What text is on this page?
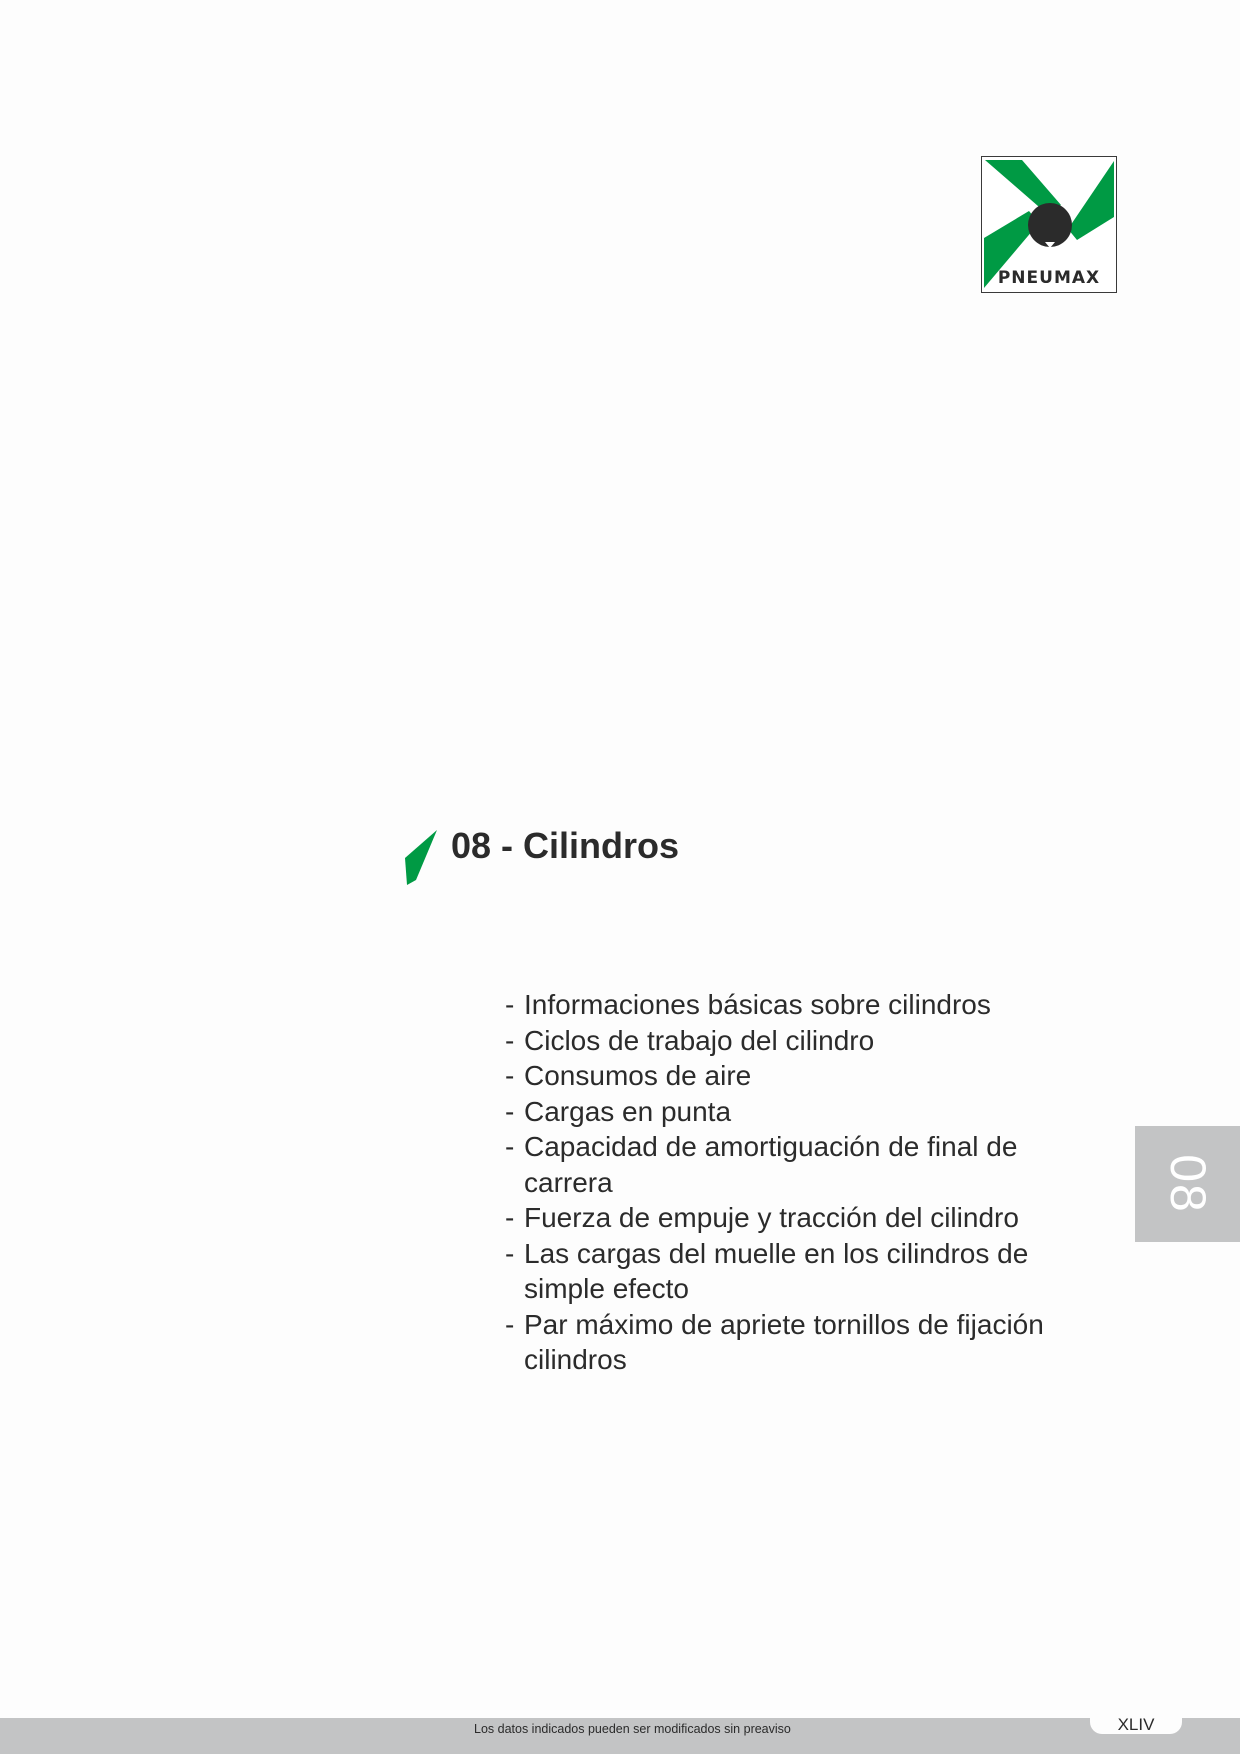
PNEUMAX
08 - Cilindros
- Informaciones básicas sobre cilindros
- Ciclos de trabajo del cilindro
- Consumos de aire
- Cargas en punta
- Capacidad de amortiguación de final de carrera
- Fuerza de empuje y tracción del cilindro
- Las cargas del muelle en los cilindros de simple efecto
- Par máximo de apriete tornillos de fijación cilindros
08
Los datos indicados pueden ser modificados sin preaviso	XLIV
